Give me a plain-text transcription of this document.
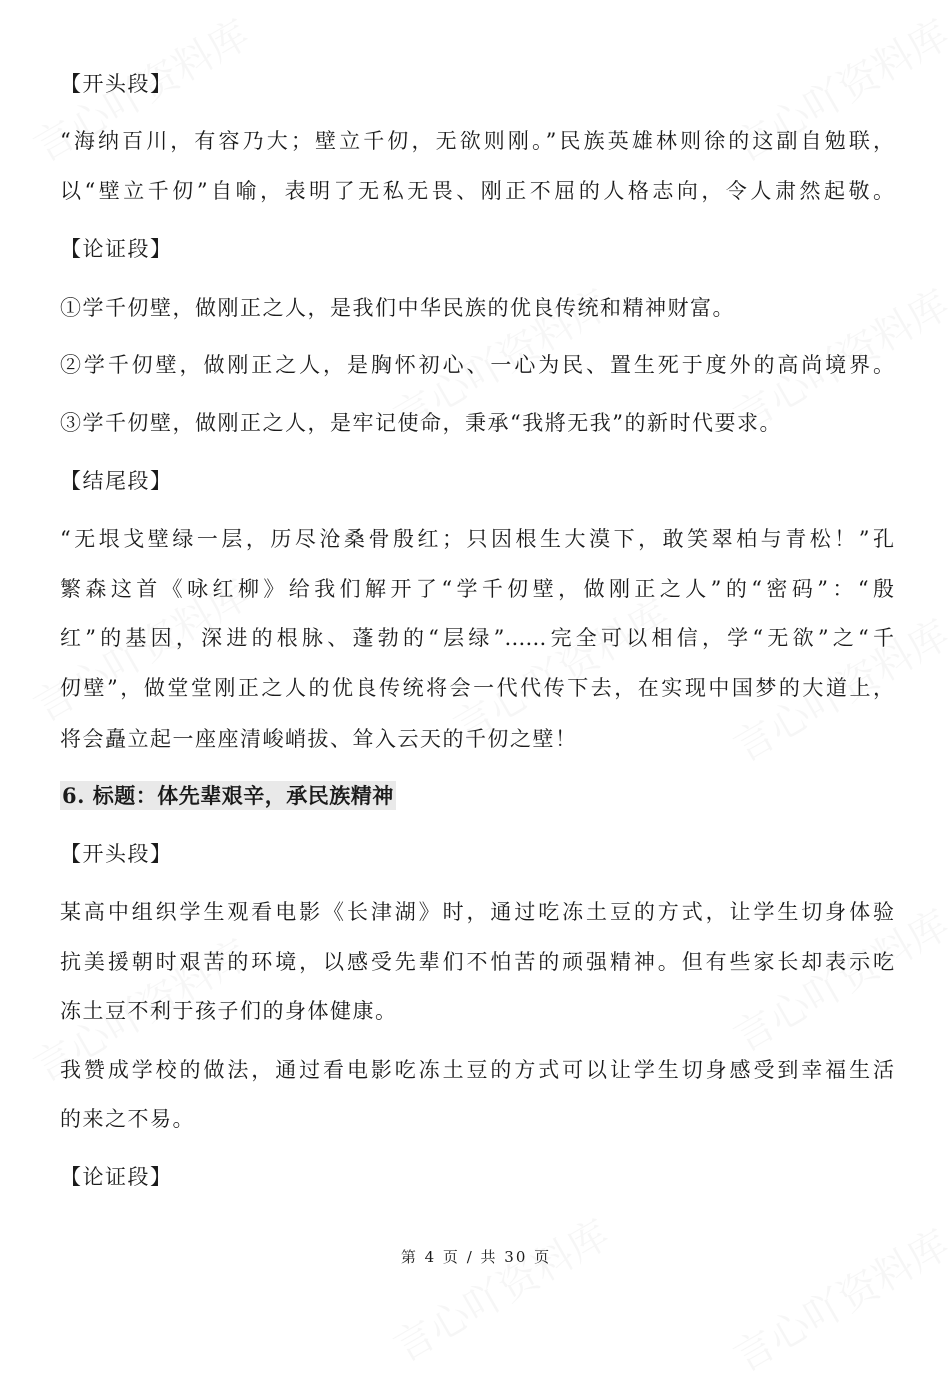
【开头段】
“海纳百川，有容乃大；壁立千仞，无欲则刚。”民族英雄林则徐的这副自勉联，
以“壁立千仞”自喻，表明了无私无畏、刚正不屈的人格志向，令人肃然起敬。
【论证段】
①学千仞壁，做刚正之人，是我们中华民族的优良传统和精神财富。
②学千仞壁，做刚正之人，是胸怀初心、一心为民、置生死于度外的高尚境界。
③学千仞壁，做刚正之人，是牢记使命，秉承“我將无我”的新时代要求。
【结尾段】
“无垠戈壁绿一层，历尽沧桑骨殷红；只因根生大漠下，敢笑翠柏与青松！”孔
繁森这首《咏红柳》给我们解开了“学千仞壁，做刚正之人”的“密码”：“殷
红”的基因，深进的根脉、蓬勃的“层绿”……完全可以相信，学“无欲”之“千
仞壁”，做堂堂刚正之人的优良传统将会一代代传下去，在实现中国梦的大道上，
将会矗立起一座座清峻峭拔、耸入云天的千仞之壁！
6. 标题：体先辈艰辛，承民族精神
【开头段】
某高中组织学生观看电影《长津湖》时，通过吃冻土豆的方式，让学生切身体验
抗美援朝时艰苦的环境，以感受先辈们不怕苦的顽强精神。但有些家长却表示吃
冻土豆不利于孩子们的身体健康。
我赞成学校的做法，通过看电影吃冻土豆的方式可以让学生切身感受到幸福生活
的来之不易。
【论证段】
第 4 页 / 共 30 页
